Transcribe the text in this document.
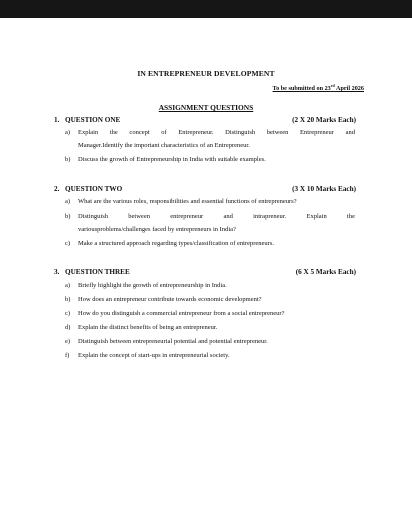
IN ENTREPRENEUR DEVELOPMENT
To be submitted on 23rd April 2026
ASSIGNMENT QUESTIONS
1. QUESTION ONE	(2 X 20 Marks Each)
a) Explain the concept of Entrepreneur. Distinguish between Entrepreneur and
Manager.Identify the important characteristics of an Entrepreneur.
b) Discuss the growth of Entrepreneurship in India with suitable examples.
2. QUESTION TWO	(3 X 10 Marks Each)
a) What are the various roles, responsibilities and essential functions of entrepreneurs?
b) Distinguish between entrepreneur and intrapreneur. Explain the
variousproblems/challenges faced by entrepreneurs in India?
c) Make a structured approach regarding types/classification of entrepreneurs.
3. QUESTION THREE	(6 X 5 Marks Each)
a) Briefly highlight the growth of entrepreneurship in India.
b) How does an entrepreneur contribute towards economic development?
c) How do you distinguish a commercial entrepreneur from a social entrepreneur?
d) Explain the distinct benefits of being an entrepreneur.
e) Distinguish between entrepreneurial potential and potential entrepreneur.
f) Explain the concept of start-ups in entrepreneurial society.
